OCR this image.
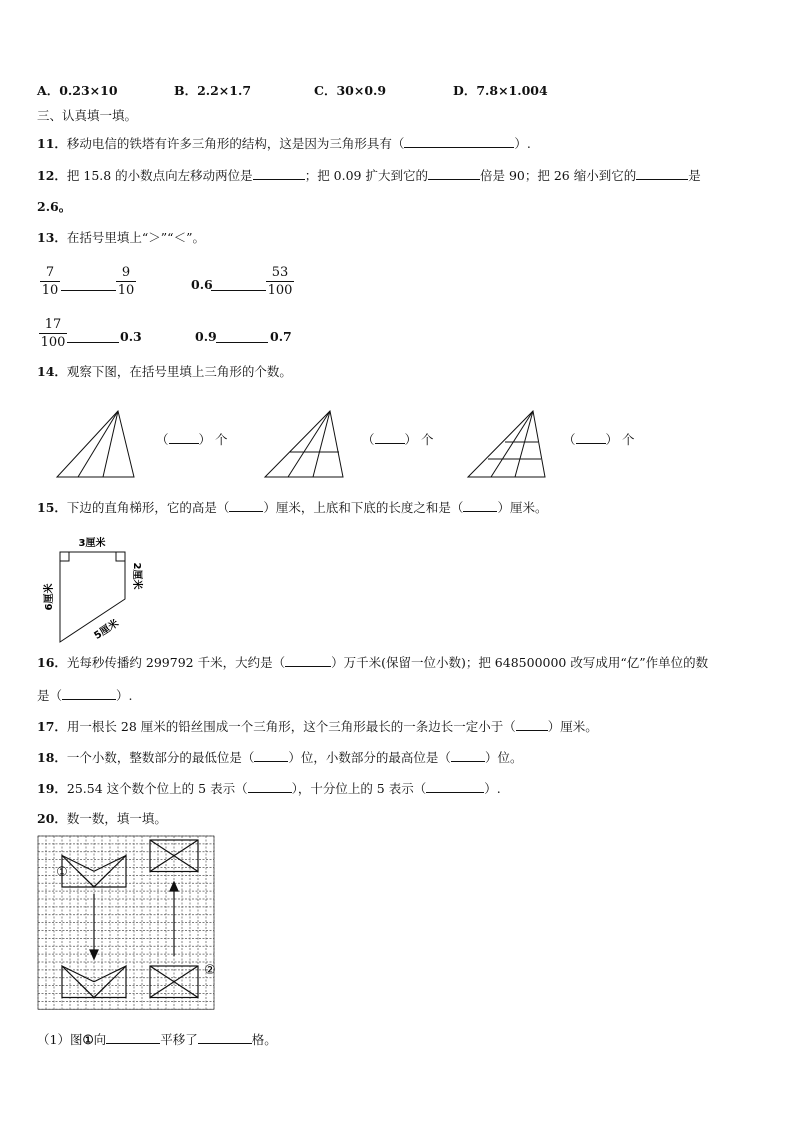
A．0.23×10	B．2.2×1.7	C．30×0.9	D．7.8×1.004
三、认真填一填。
11．移动电信的铁塔有许多三角形的结构，这是因为三角形具有（	）.
12．把 15.8 的小数点向左移动两位是	；把 0.09 扩大到它的	倍是 90；把 26 缩小到它的	是
2.6。
13．在括号里填上“＞”“＜”。
7
10
9
10	0.6
53
100
17
100	0.3	0.9	0.7
14．观察下图，在括号里填上三角形的个数。
（ ） 个	（ ） 个	（ ） 个
15．下边的直角梯形，它的高是（	）厘米，上底和下底的长度之和是（	）厘米。
3厘米
6厘米
2厘米
5厘米
16．光每秒传播约 299792 千米，大约是（	）万千米(保留一位小数)；把 648500000 改写成用“亿”作单位的数
是（	）.
17．用一根长 28 厘米的铅丝围成一个三角形，这个三角形最长的一条边长一定小于（	）厘米。
18．一个小数，整数部分的最低位是（	）位，小数部分的最高位是（	）位。
19．25.54 这个数个位上的 5 表示（	），十分位上的 5 表示（	）.
20．数一数，填一填。
①
②
（1）图①向	平移了	格。
